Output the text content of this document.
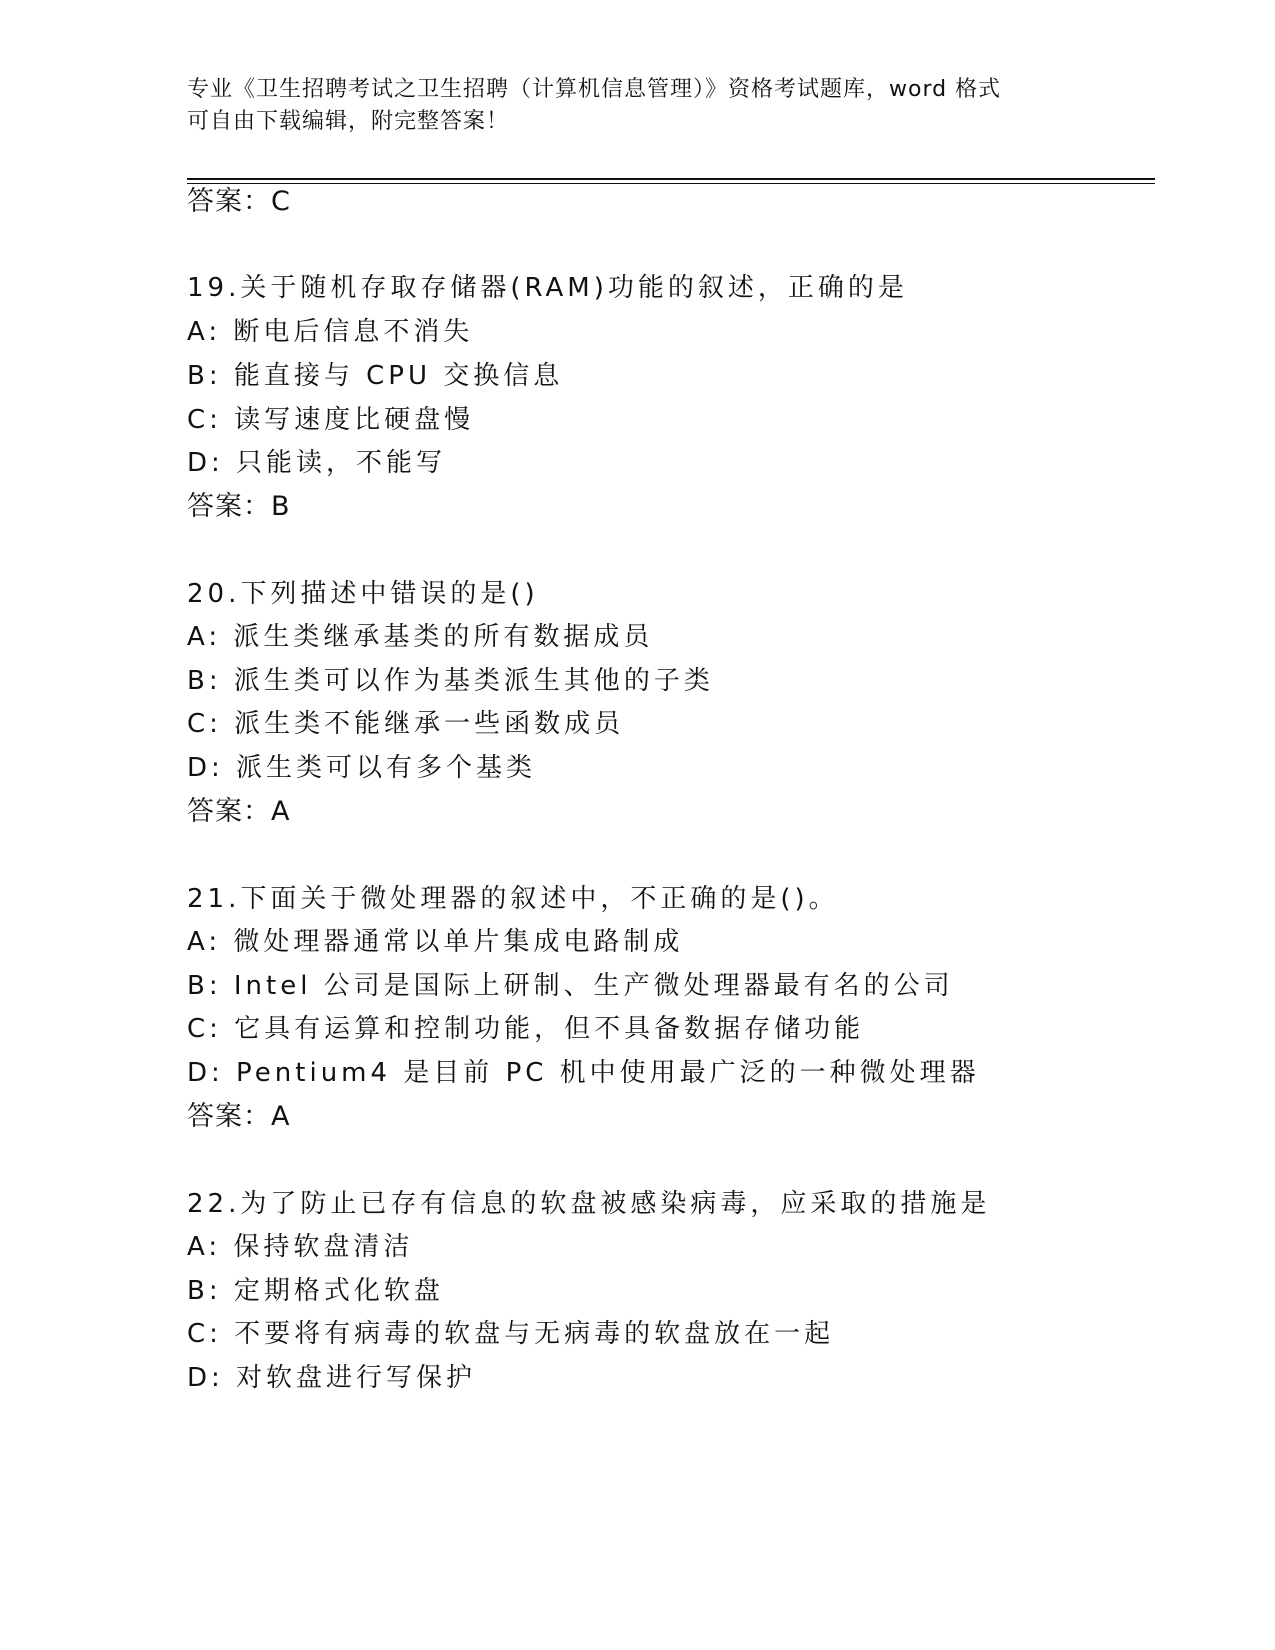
专业《卫生招聘考试之卫生招聘（计算机信息管理）》资格考试题库，word 格式
可自由下载编辑，附完整答案！
答案：C
19.关于随机存取存储器(RAM)功能的叙述，正确的是
A: 断电后信息不消失
B: 能直接与 CPU 交换信息
C: 读写速度比硬盘慢
D: 只能读，不能写
答案：B
20.下列描述中错误的是()
A: 派生类继承基类的所有数据成员
B: 派生类可以作为基类派生其他的子类
C: 派生类不能继承一些函数成员
D: 派生类可以有多个基类
答案：A
21.下面关于微处理器的叙述中，不正确的是()。
A: 微处理器通常以单片集成电路制成
B: Intel 公司是国际上研制、生产微处理器最有名的公司
C: 它具有运算和控制功能，但不具备数据存储功能
D: Pentium4 是目前 PC 机中使用最广泛的一种微处理器
答案：A
22.为了防止已存有信息的软盘被感染病毒，应采取的措施是
A: 保持软盘清洁
B: 定期格式化软盘
C: 不要将有病毒的软盘与无病毒的软盘放在一起
D: 对软盘进行写保护
